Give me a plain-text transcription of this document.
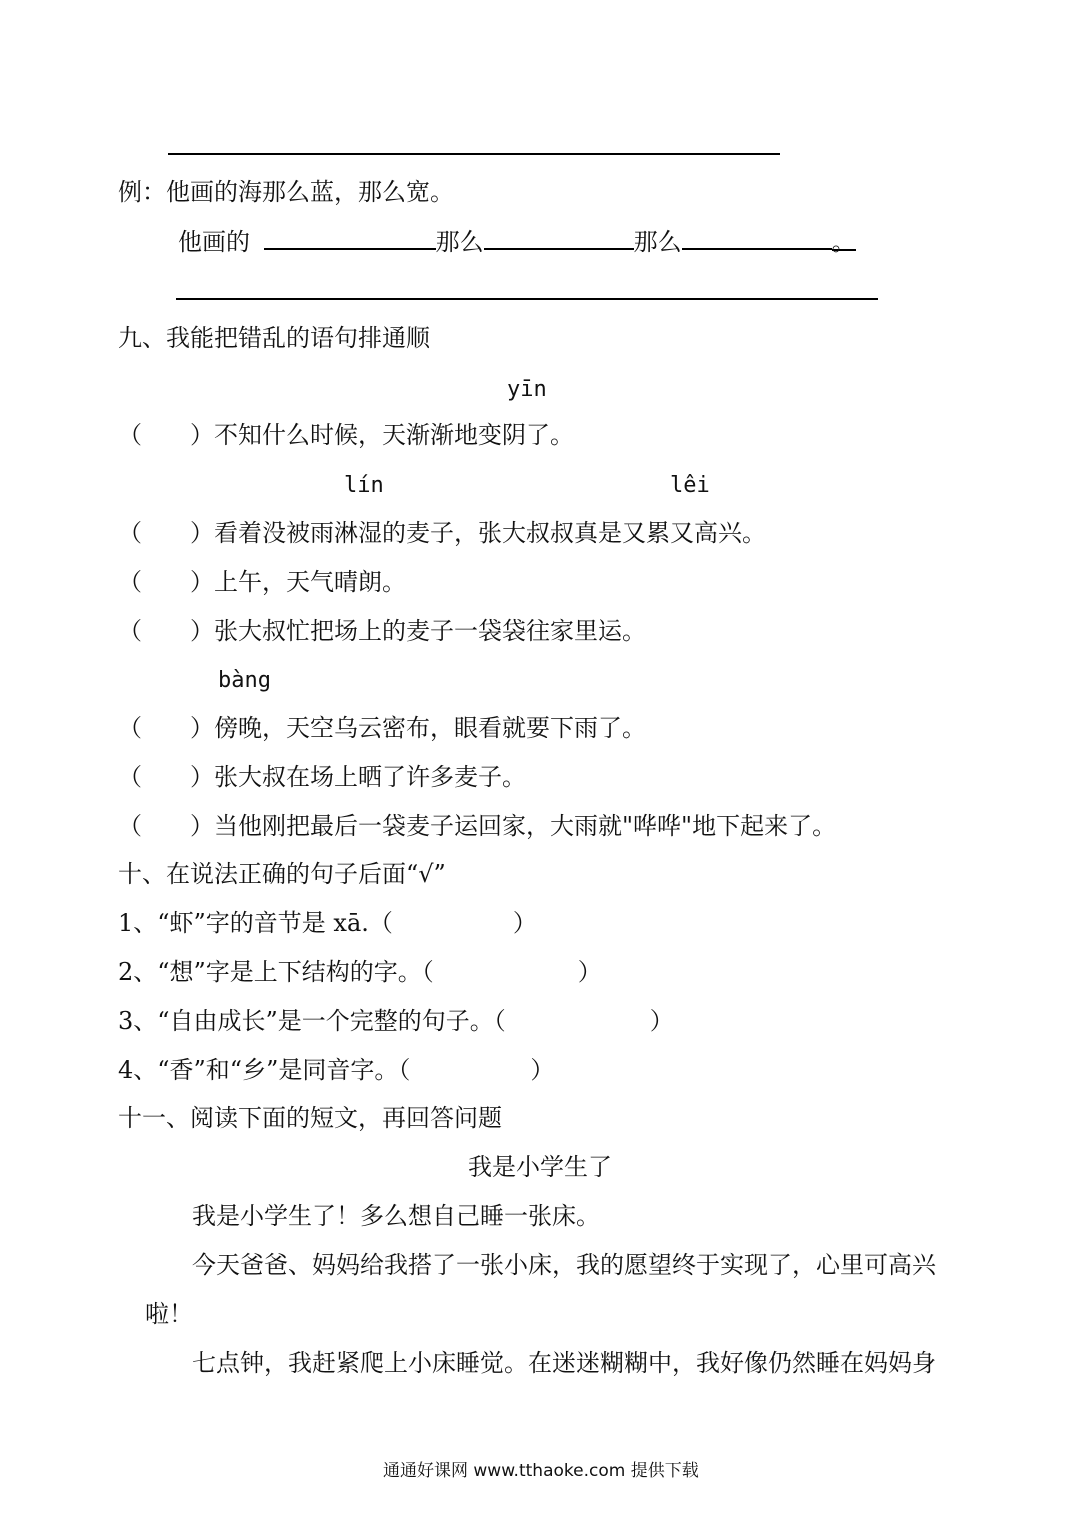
例：他画的海那么蓝，那么宽。
他画的	那么	那么	。
九、我能把错乱的语句排通顺
yīn
（　　）不知什么时候，天渐渐地变阴了。
lín	lêi
（　　）看着没被雨淋湿的麦子，张大叔叔真是又累又高兴。
（　　）上午，天气晴朗。
（　　）张大叔忙把场上的麦子一袋袋往家里运。
bàng
（　　）傍晚，天空乌云密布，眼看就要下雨了。
（　　）张大叔在场上晒了许多麦子。
（　　）当他刚把最后一袋麦子运回家，大雨就"哗哗"地下起来了。
十、在说法正确的句子后面“√”
1、“虾”字的音节是 xā.（　　　　　）
2、“想”字是上下结构的字。（　　　　　　）
3、“自由成长”是一个完整的句子。（　　　　　　）
4、“香”和“乡”是同音字。（　　　　　）
十一、阅读下面的短文，再回答问题
我是小学生了
我是小学生了！多么想自己睡一张床。
今天爸爸、妈妈给我搭了一张小床，我的愿望终于实现了，心里可高兴
啦！
七点钟，我赶紧爬上小床睡觉。在迷迷糊糊中，我好像仍然睡在妈妈身
通通好课网 www.tthaoke.com 提供下载
